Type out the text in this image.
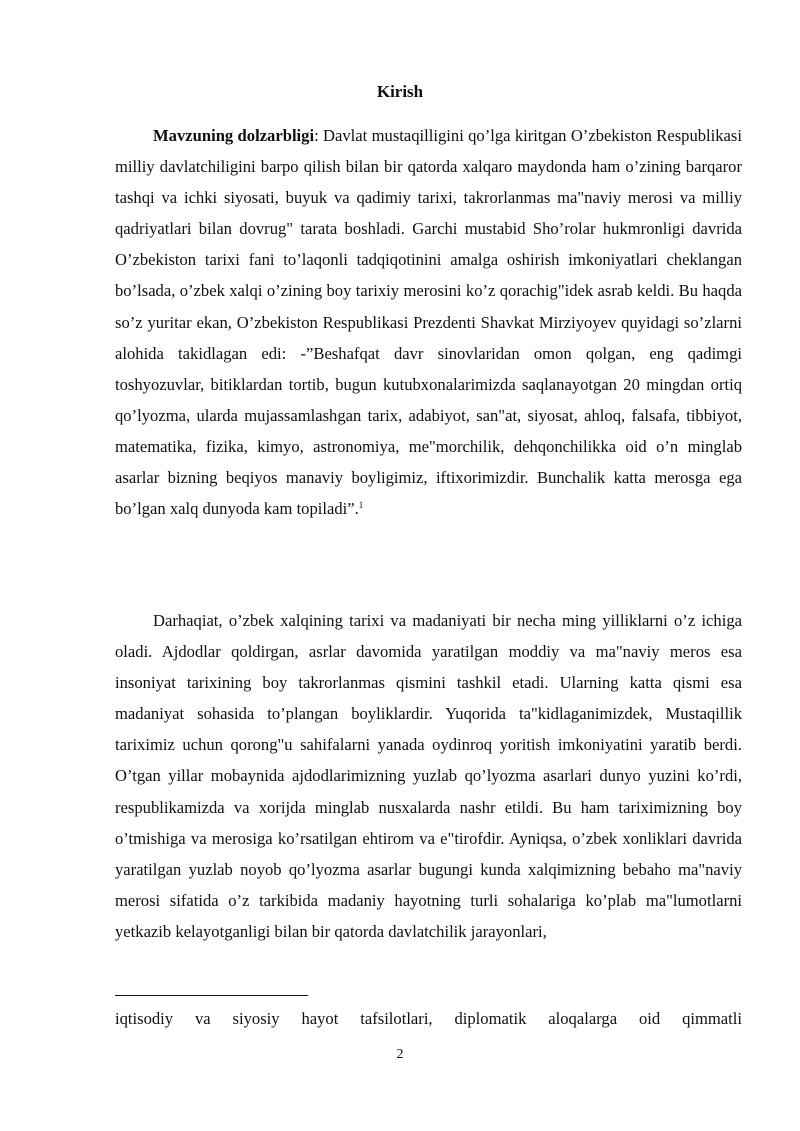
Kirish

Mavzuning dolzarbligi: Davlat mustaqilligini qo’lga kiritgan O’zbekiston Respublikasi milliy davlatchiligini barpo qilish bilan bir qatorda xalqaro maydonda ham o’zining barqaror tashqi va ichki siyosati, buyuk va qadimiy tarixi, takrorlanmas ma"naviy merosi va milliy qadriyatlari bilan dovrug" tarata boshladi. Garchi mustabid Sho’rolar hukmronligi davrida O’zbekiston tarixi fani to’laqonli tadqiqotinini amalga oshirish imkoniyatlari cheklangan bo’lsada, o’zbek xalqi o’zining boy tarixiy merosini ko’z qorachig"idek asrab keldi. Bu haqda so’z yuritar ekan, O’zbekiston Respublikasi Prezdenti Shavkat Mirziyoyev quyidagi so’zlarni alohida takidlagan edi: -”Beshafqat davr sinovlaridan omon qolgan, eng qadimgi toshyozuvlar, bitiklardan tortib, bugun kutubxonalarimizda saqlanayotgan 20 mingdan ortiq qo’lyozma, ularda mujassamlashgan tarix, adabiyot, san"at, siyosat, ahloq, falsafa, tibbiyot, matematika, fizika, kimyo, astronomiya, me"morchilik, dehqonchilikka oid o’n minglab asarlar bizning beqiyos manaviy boyligimiz, iftixorimizdir. Bunchalik katta merosga ega bo’lgan xalq dunyoda kam topiladi”.$^1$

Darhaqiat, o’zbek xalqining tarixi va madaniyati bir necha ming yilliklarni o’z ichiga oladi. Ajdodlar qoldirgan, asrlar davomida yaratilgan moddiy va ma"naviy meros esa insoniyat tarixining boy takrorlanmas qismini tashkil etadi. Ularning katta qismi esa madaniyat sohasida to’plangan boyliklardir. Yuqorida ta"kidlaganimizdek, Mustaqillik tariximiz uchun qorong"u sahifalarni yanada oydinroq yoritish imkoniyatini yaratib berdi. O’tgan yillar mobaynida ajdodlarimizning yuzlab qo’lyozma asarlari dunyo yuzini ko’rdi, respublikamizda va xorijda minglab nusxalarda nashr etildi. Bu ham tariximizning boy o’tmishiga va merosiga ko’rsatilgan ehtirom va e"tirofdir. Ayniqsa, o’zbek xonliklari davrida yaratilgan yuzlab noyob qo’lyozma asarlar bugungi kunda xalqimizning bebaho ma"naviy merosi sifatida o’z tarkibida madaniy hayotning turli sohalariga ko’plab ma"lumotlarni yetkazib kelayotganligi bilan bir qatorda davlatchilik jarayonlari,

iqtisodiy va siyosiy hayot tafsilotlari, diplomatik aloqalarga oid qimmatli
2
